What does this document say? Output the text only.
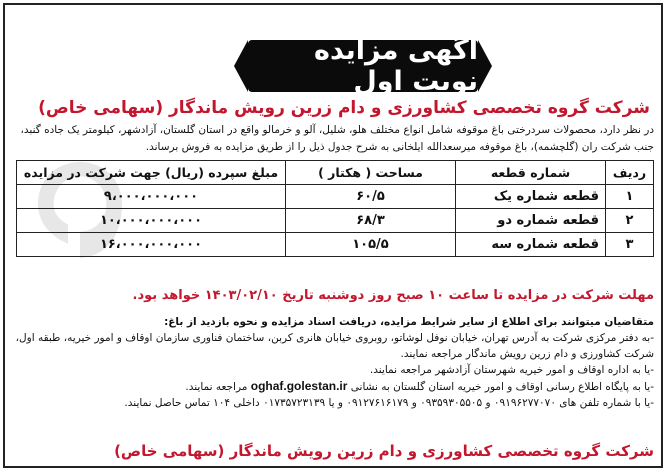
آگهی مزایده نوبت اول
شرکت گروه تخصصی کشاورزی و دام زرین رویش ماندگار (سهامی خاص)
در نظر دارد، محصولات سردرختی باغ موقوفه شامل انواع مختلف هلو، شلیل، آلو و خرمالو واقع در استان گلستان، آزادشهر، کیلومتر یک جاده گنبد، جنب شرکت ران (گلچشمه)، باغ موقوفه میرسعدالله ایلخانی به شرح جدول ذیل را از طریق مزایده به فروش برساند.
ردیف	شماره قطعه	مساحت ( هکتار )	مبلغ سپرده (ریال) جهت شرکت در مزایده
۱	قطعه شماره یک	۶۰/۵	۹،۰۰۰،۰۰۰،۰۰۰
۲	قطعه شماره دو	۶۸/۳	۱۰،۰۰۰،۰۰۰،۰۰۰
۳	قطعه شماره سه	۱۰۵/۵	۱۶،۰۰۰،۰۰۰،۰۰۰
مهلت شرکت در مزایده تا ساعت ۱۰ صبح روز دوشنبه تاریخ ۱۴۰۳/۰۲/۱۰ خواهد بود.
متقاضیان میتوانند برای اطلاع از سایر شرایط مزایده، دریافت اسناد مزایده و نحوه بازدید از باغ:
-به دفتر مرکزی شرکت به آدرس تهران، خیابان نوفل لوشاتو، روبروی خیابان هانری کربن، ساختمان فناوری سازمان اوقاف و امور خیریه، طبقه اول، شرکت کشاورزی و دام زرین رویش ماندگار مراجعه نمایند.
-یا به اداره اوقاف و امور خیریه شهرستان آزادشهر مراجعه نمایند.
-یا به پایگاه اطلاع رسانی اوقاف و امور خیریه استان گلستان به نشانی oghaf.golestan.ir مراجعه نمایند.
-یا با شماره تلفن های ۰۹۱۹۶۲۷۷۰۷۰ و ۰۹۳۵۹۳۰۵۵۰۵ و ۰۹۱۲۷۶۱۶۱۷۹ و یا ۰۱۷۳۵۷۲۳۱۳۹ داخلی ۱۰۴ تماس حاصل نمایند.
شرکت گروه تخصصی کشاورزی و دام زرین رویش ماندگار (سهامی خاص)
